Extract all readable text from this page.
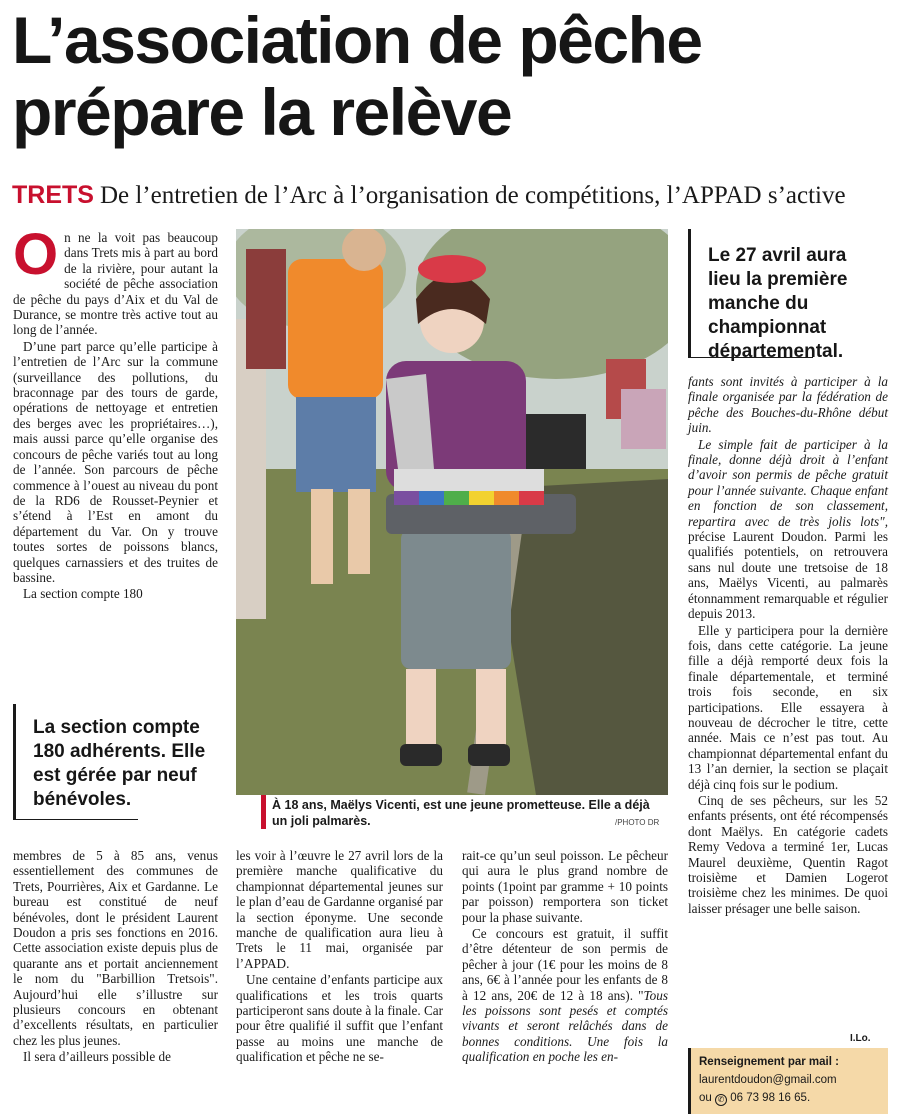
L’association de pêche prépare la relève
TRETS De l’entretien de l’Arc à l’organisation de compétitions, l’APPAD s’active

On ne la voit pas beaucoup dans Trets mis à part au bord de la rivière, pour autant la société de pêche association de pêche du pays d’Aix et du Val de Durance, se montre très active tout au long de l’année.

D’une part parce qu’elle participe à l’entretien de l’Arc sur la commune (surveillance des pollutions, du braconnage par des tours de garde, opérations de nettoyage et entretien des berges avec les propriétaires…), mais aussi parce qu’elle organise des concours de pêche variés tout au long de l’année. Son parcours de pêche commence à l’ouest au niveau du pont de la RD6 de Rousset-Peynier et s’étend à l’Est en amont du département du Var. On y trouve toutes sortes de poissons blancs, quelques carnassiers et des truites de bassine.

La section compte 180

La section compte 180 adhérents. Elle est gérée par neuf bénévoles.	À 18 ans, Maëlys Vicenti, est une jeune prometteuse. Elle a déjà un joli palmarès.	/PHOTO DR
Le 27 avril aura lieu la première manche du championnat départemental.

membres de 5 à 85 ans, venus essentiellement des communes de Trets, Pourrières, Aix et Gardanne. Le bureau est constitué de neuf bénévoles, dont le président Laurent Doudon a pris ses fonctions en 2016. Cette association existe depuis plus de quarante ans et portait anciennement le nom du "Barbillion Tretsois". Aujourd’hui elle s’illustre sur plusieurs concours en obtenant d’excellents résultats, en particulier chez les plus jeunes.

Il sera d’ailleurs possible de

les voir à l’œuvre le 27 avril lors de la première manche qualificative du championnat départemental jeunes sur le plan d’eau de Gardanne organisé par la section éponyme. Une seconde manche de qualification aura lieu à Trets le 11 mai, organisée par l’APPAD.

Une centaine d’enfants participe aux qualifications et les trois quarts participeront sans doute à la finale. Car pour être qualifié il suffit que l’enfant passe au moins une manche de qualification et pêche ne se-

rait-ce qu’un seul poisson. Le pêcheur qui aura le plus grand nombre de points (1point par gramme + 10 points par poisson) remportera son ticket pour la phase suivante.

Ce concours est gratuit, il suffit d’être détenteur de son permis de pêcher à jour (1€ pour les moins de 8 ans, 6€ à l’année pour les enfants de 8 à 12 ans, 20€ de 12 à 18 ans). "Tous les poissons sont pesés et comptés vivants et seront relâchés dans de bonnes conditions. Une fois la qualification en poche les en-

fants sont invités à participer à la finale organisée par la fédération de pêche des Bouches-du-Rhône début juin.

Le simple fait de participer à la finale, donne déjà droit à l’enfant d’avoir son permis de pêche gratuit pour l’année suivante. Chaque enfant en fonction de son classement, repartira avec de très jolis lots", précise Laurent Doudon. Parmi les qualifiés potentiels, on retrouvera sans nul doute une tretsoise de 18 ans, Maëlys Vicenti, au palmarès étonnamment remarquable et régulier depuis 2013.

Elle y participera pour la dernière fois, dans cette catégorie. La jeune fille a déjà remporté deux fois la finale départementale, et terminé trois fois seconde, en six participations. Elle essayera à nouveau de décrocher le titre, cette année. Mais ce n’est pas tout. Au championnat départemental enfant du 13 l’an dernier, la section se plaçait déjà cinq fois sur le podium.

Cinq de ses pêcheurs, sur les 52 enfants présents, ont été récompensés dont Maëlys. En catégorie cadets Remy Vedova a terminé 1er, Lucas Maurel deuxième, Quentin Ragot troisième et Damien Logerot troisième chez les minimes. De quoi laisser présager une belle saison.

I.Lo.
Renseignement par mail :
laurentdoudon@gmail.com
ou ✆ 06 73 98 16 65.
